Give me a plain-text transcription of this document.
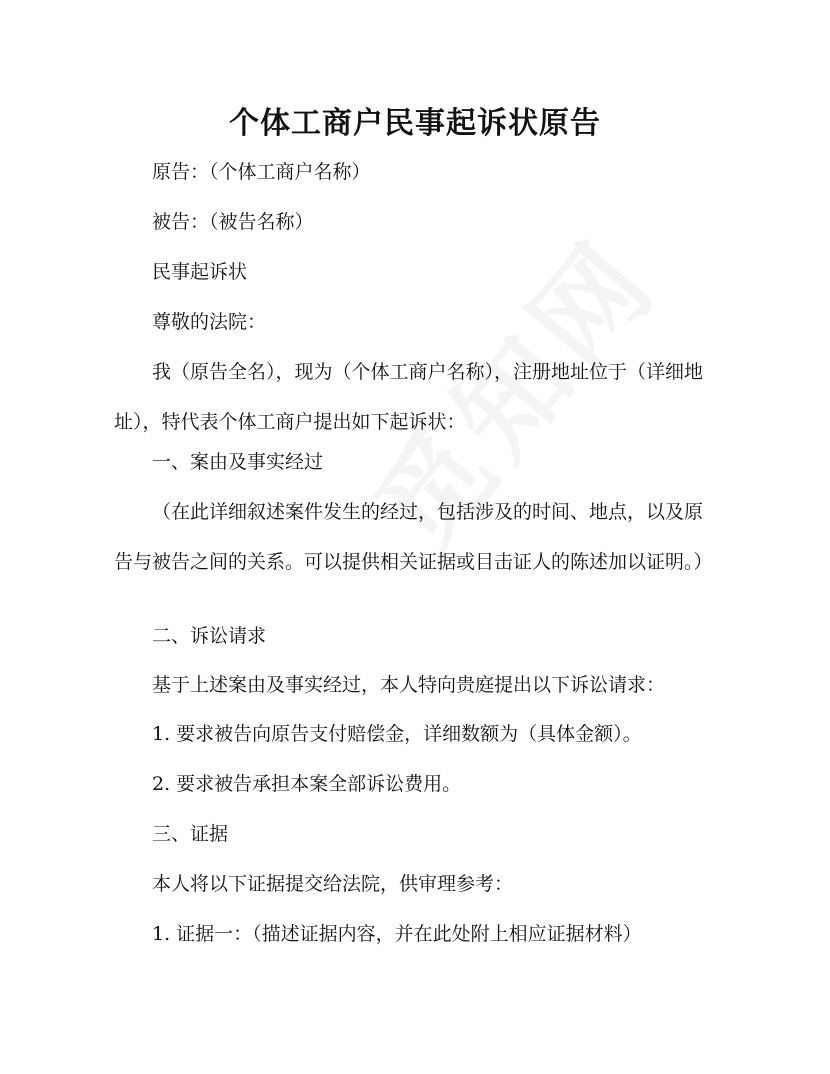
个体工商户民事起诉状原告

原告：（个体工商户名称）

被告：（被告名称）

民事起诉状

尊敬的法院：

我（原告全名），现为（个体工商户名称），注册地址位于（详细地址），特代表个体工商户提出如下起诉状：

一、案由及事实经过

（在此详细叙述案件发生的经过，包括涉及的时间、地点，以及原告与被告之间的关系。可以提供相关证据或目击证人的陈述加以证明。）

二、诉讼请求

基于上述案由及事实经过，本人特向贵庭提出以下诉讼请求：

1. 要求被告向原告支付赔偿金，详细数额为（具体金额）。

2. 要求被告承担本案全部诉讼费用。

三、证据

本人将以下证据提交给法院，供审理参考：

1. 证据一：（描述证据内容，并在此处附上相应证据材料）
